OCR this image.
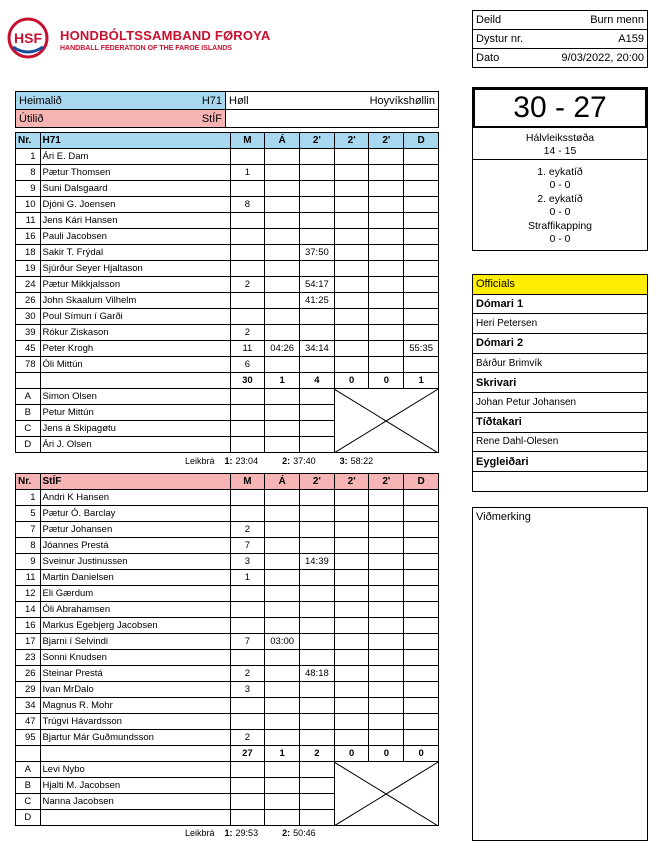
HSF HONDBÓLTSSAMBAND FØROYA
HANDBALL FEDERATION OF THE FAROE ISLANDS
Deild	Burn menn
Dystur nr.	A159
Dato	9/03/2022, 20:00
Heimalið H71	Høll	Hoyvíkshøllin
Útilið StÍF		

Nr.	H71	M	Á	2'	2'	2'	D
1	Ári E. Dam						
8	Pætur Thomsen	1					
9	Suni Dalsgaard						
10	Djóni G. Joensen	8					
11	Jens Kári Hansen						
16	Pauli Jacobsen						
18	Sakir T. Frýdal			37:50			
19	Sjúrður Seyer Hjaltason						
24	Pætur Mikkjalsson	2		54:17			
26	John Skaalum Vilhelm			41:25			
30	Poul Símun í Garði						
39	Rókur Ziskason	2					
45	Peter Krogh	11	04:26	34:14			55:35
78	Óli Mittún	6					
		30	1	4	0	0	1
A	Simon Olsen						
B	Petur Mittún						
C	Jens á Skipagøtu						
D	Ári J. Olsen						
Leikbrá 1: 23:04	2: 37:40	3: 58:22
Nr.	StÍF	M	Á	2'	2'	2'	D
1	Andri K Hansen						
5	Pætur Ó. Barclay						
7	Pætur Johansen	2					
8	Jóannes Prestá	7					
9	Sveinur Justinussen	3		14:39			
11	Martin Danielsen	1					
12	Eli Gærdum						
14	Óli Abrahamsen						
16	Markus Egebjerg Jacobsen						
17	Bjarni í Selvindi	7	03:00				
23	Sonni Knudsen						
26	Steinar Prestá	2		48:18			
29	Ivan MrDalo	3					
34	Magnus R. Mohr						
47	Trúgvi Hávardsson						
95	Bjartur Már Guðmundsson	2					
		27	1	2	0	0	0
A	Levi Nybo						
B	Hjalti M. Jacobsen						
C	Nanna Jacobsen						
D							
Leikbrá 1: 29:53	2: 50:46
30 - 27
Hálvleiksstøða
14 - 15
1. eykatíð
0 - 0
2. eykatíð
0 - 0
Straffikapping
0 - 0
Officials
Dómari 1
Heri Petersen
Dómari 2
Bárður Brimvík
Skrivari
Johan Petur Johansen
Tíðtakari
Rene Dahl-Olesen
Eygleiðari

Viðmerking
